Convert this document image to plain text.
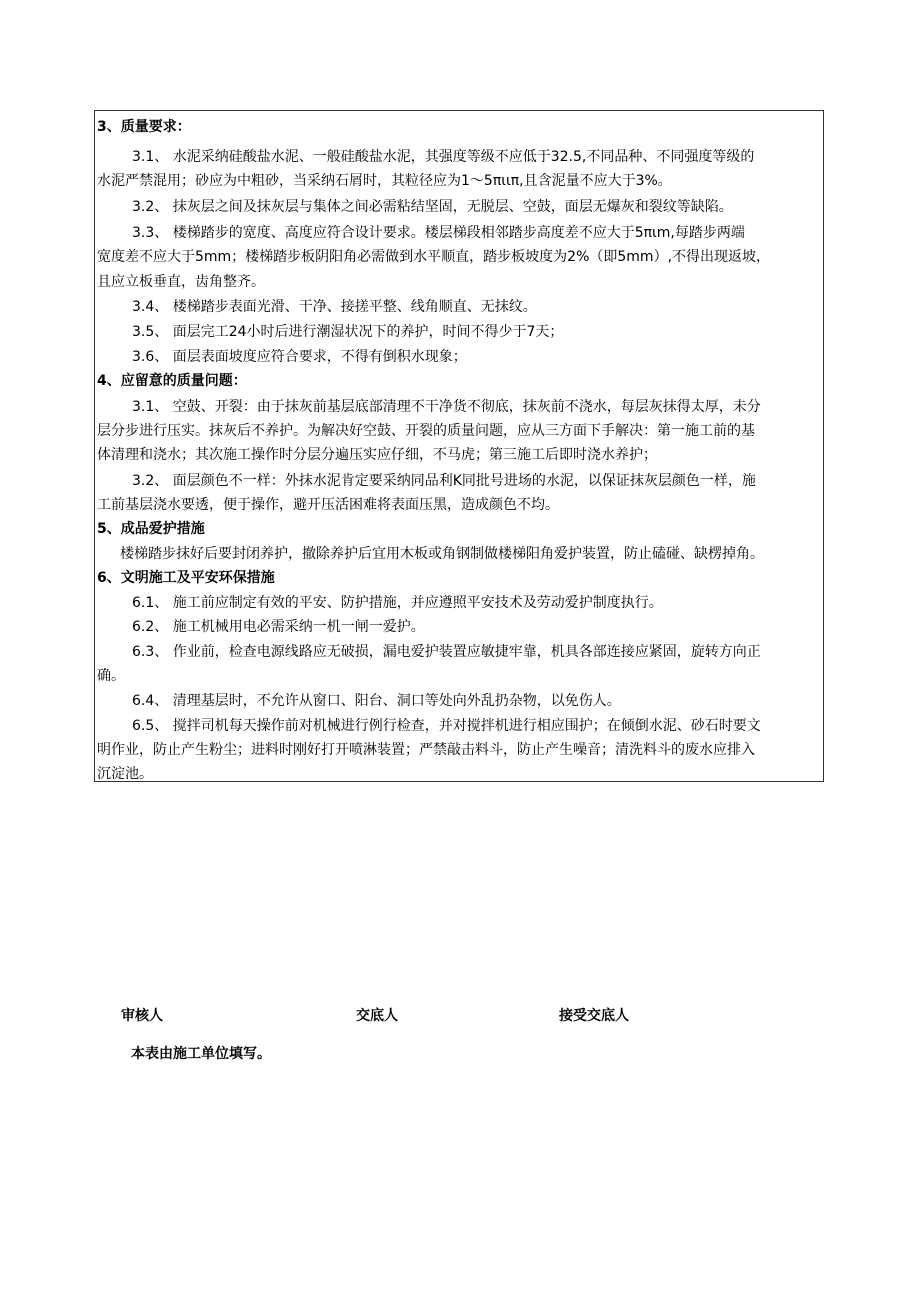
3、质量要求：
3.1、 水泥采纳硅酸盐水泥、一般硅酸盐水泥，其强度等级不应低于32.5,不同品种、不同强度等级的
水泥严禁混用；砂应为中粗砂，当采纳石屑时，其粒径应为1～5πιιπ,且含泥量不应大于3%。
3.2、 抹灰层之间及抹灰层与集体之间必需粘结坚固，无脱层、空鼓，面层无爆灰和裂纹等缺陷。
3.3、 楼梯踏步的宽度、高度应符合设计要求。楼层梯段相邻踏步高度差不应大于5πιm,每踏步两端
宽度差不应大于5mm；楼梯踏步板阴阳角必需做到水平顺直，踏步板坡度为2%（即5mm）,不得出现返坡，
且应立板垂直，齿角整齐。
3.4、 楼梯踏步表面光滑、干净、接搓平整、线角顺直、无抹纹。
3.5、 面层完工24小时后进行潮湿状况下的养护，时间不得少于7天；
3.6、 面层表面坡度应符合要求，不得有倒积水现象；
4、应留意的质量问题：
3.1、 空鼓、开裂：由于抹灰前基层底部清理不干净货不彻底，抹灰前不浇水，每层灰抹得太厚，未分
层分步进行压实。抹灰后不养护。为解决好空鼓、开裂的质量问题，应从三方面下手解决：第一施工前的基
体清理和浇水；其次施工操作时分层分遍压实应仔细，不马虎；第三施工后即时浇水养护；
3.2、 面层颜色不一样：外抹水泥肯定要采纳同品利K同批号进场的水泥，以保证抹灰层颜色一样，施
工前基层浇水要透，便于操作，避开压活困难将表面压黑，造成颜色不均。
5、成品爱护措施
楼梯踏步抹好后要封闭养护，撤除养护后宜用木板或角钢制做楼梯阳角爱护装置，防止磕碰、缺楞掉角。
6、文明施工及平安环保措施
6.1、 施工前应制定有效的平安、防护措施，并应遵照平安技术及劳动爱护制度执行。
6.2、 施工机械用电必需采纳一机一闸一爱护。
6.3、 作业前，检查电源线路应无破损，漏电爱护装置应敏捷牢靠，机具各部连接应紧固，旋转方向正
确。
6.4、 清理基层时，不允许从窗口、阳台、洞口等处向外乱扔杂物，以免伤人。
6.5、 搅拌司机每天操作前对机械进行例行检查，并对搅拌机进行相应围护；在倾倒水泥、砂石时要文
明作业，防止产生粉尘；进料时刚好打开喷淋装置；严禁敲击料斗，防止产生噪音；清洗料斗的废水应排入
沉淀池。
审核人	交底人	接受交底人
本表由施工单位填写。
